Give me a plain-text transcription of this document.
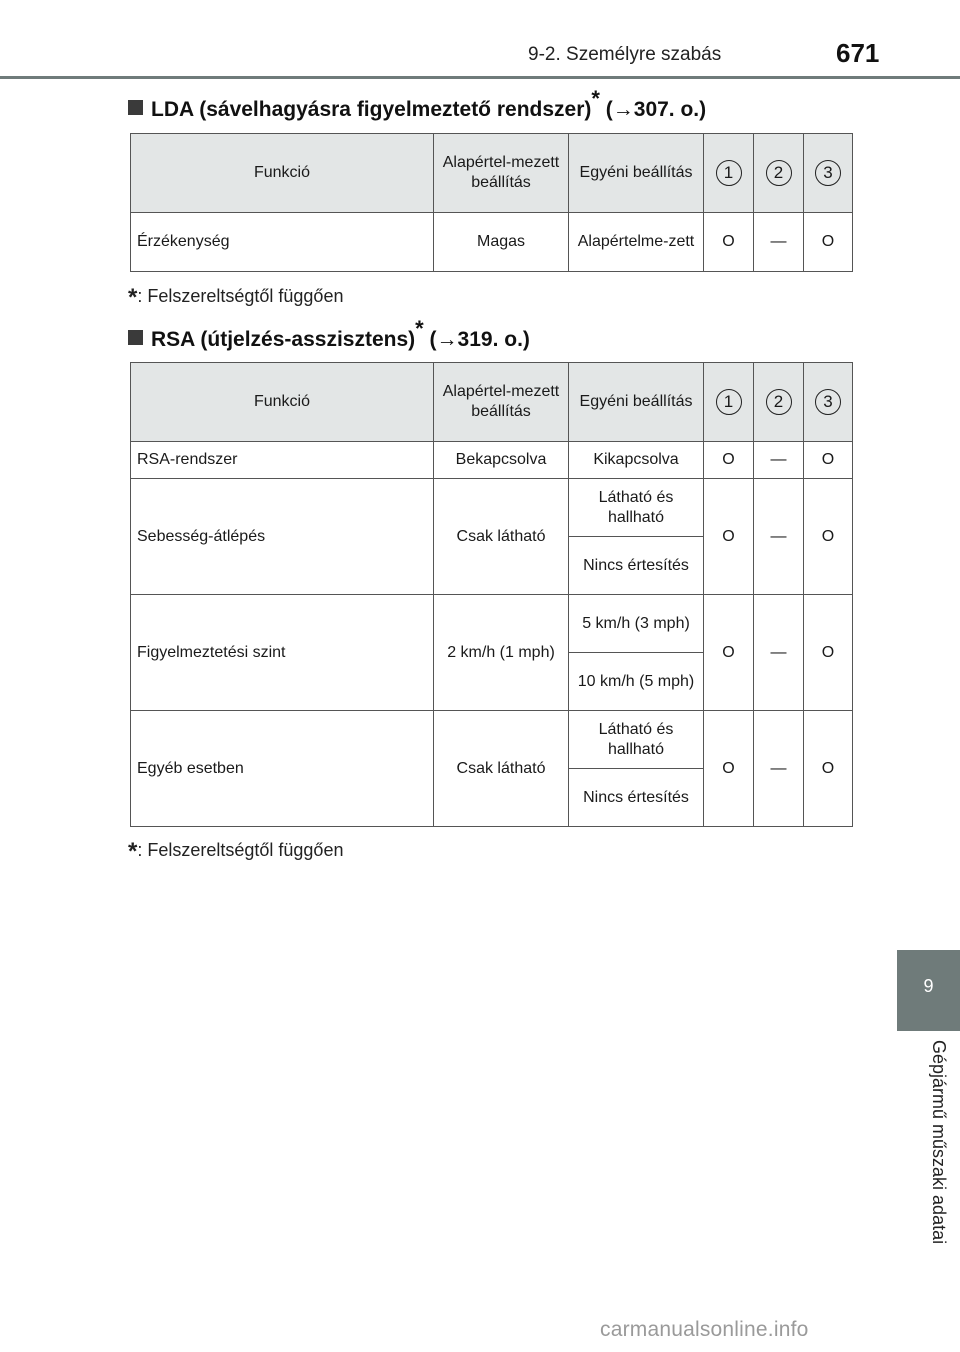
9-2. Személyre szabás	671
LDA (sávelhagyásra figyelmeztető rendszer)* (→307. o.)
Funkció	Alapértel-mezett beállítás	Egyéni beállítás	1	2	3
Érzékenység	Magas	Alapértelme-zett	O	—	O
*: Felszereltségtől függően
RSA (útjelzés-asszisztens)* (→319. o.)
Funkció	Alapértel-mezett beállítás	Egyéni beállítás	1	2	3
RSA-rendszer	Bekapcsolva	Kikapcsolva	O	—	O
Sebesség-átlépés	Csak látható	Látható és hallható	O	—	O
		Nincs értesítés			
Figyelmeztetési szint	2 km/h (1 mph)	5 km/h (3 mph)	O	—	O
		10 km/h (5 mph)			
Egyéb esetben	Csak látható	Látható és hallható	O	—	O
		Nincs értesítés			
*: Felszereltségtől függően
9
Gépjármű műszaki adatai
carmanualsonline.info
